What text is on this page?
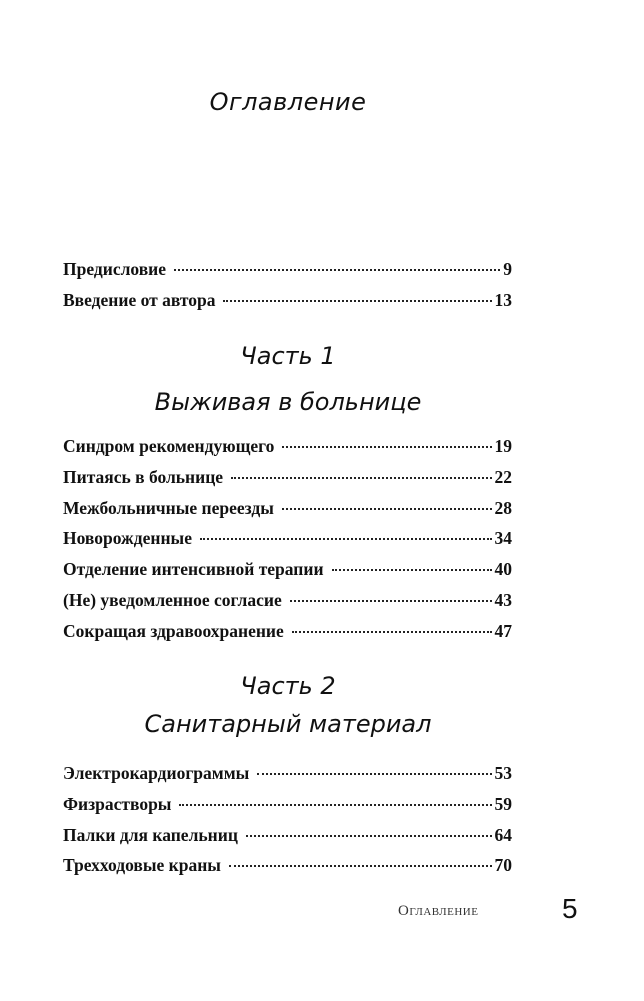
Оглавление
Предисловие	9
Введение от автора	13
Синдром рекомендующего	19
Питаясь в больнице	22
Межбольничные переезды	28
Новорожденные	34
Отделение интенсивной терапии	40
(Не) уведомленное согласие	43
Сокращая здравоохранение	47
Электрокардиограммы	53
Физрастворы	59
Палки для капельниц	64
Трехходовые краны	70
Часть 1
Выживая в больнице
Часть 2
Санитарный материал
Оглавление	5
